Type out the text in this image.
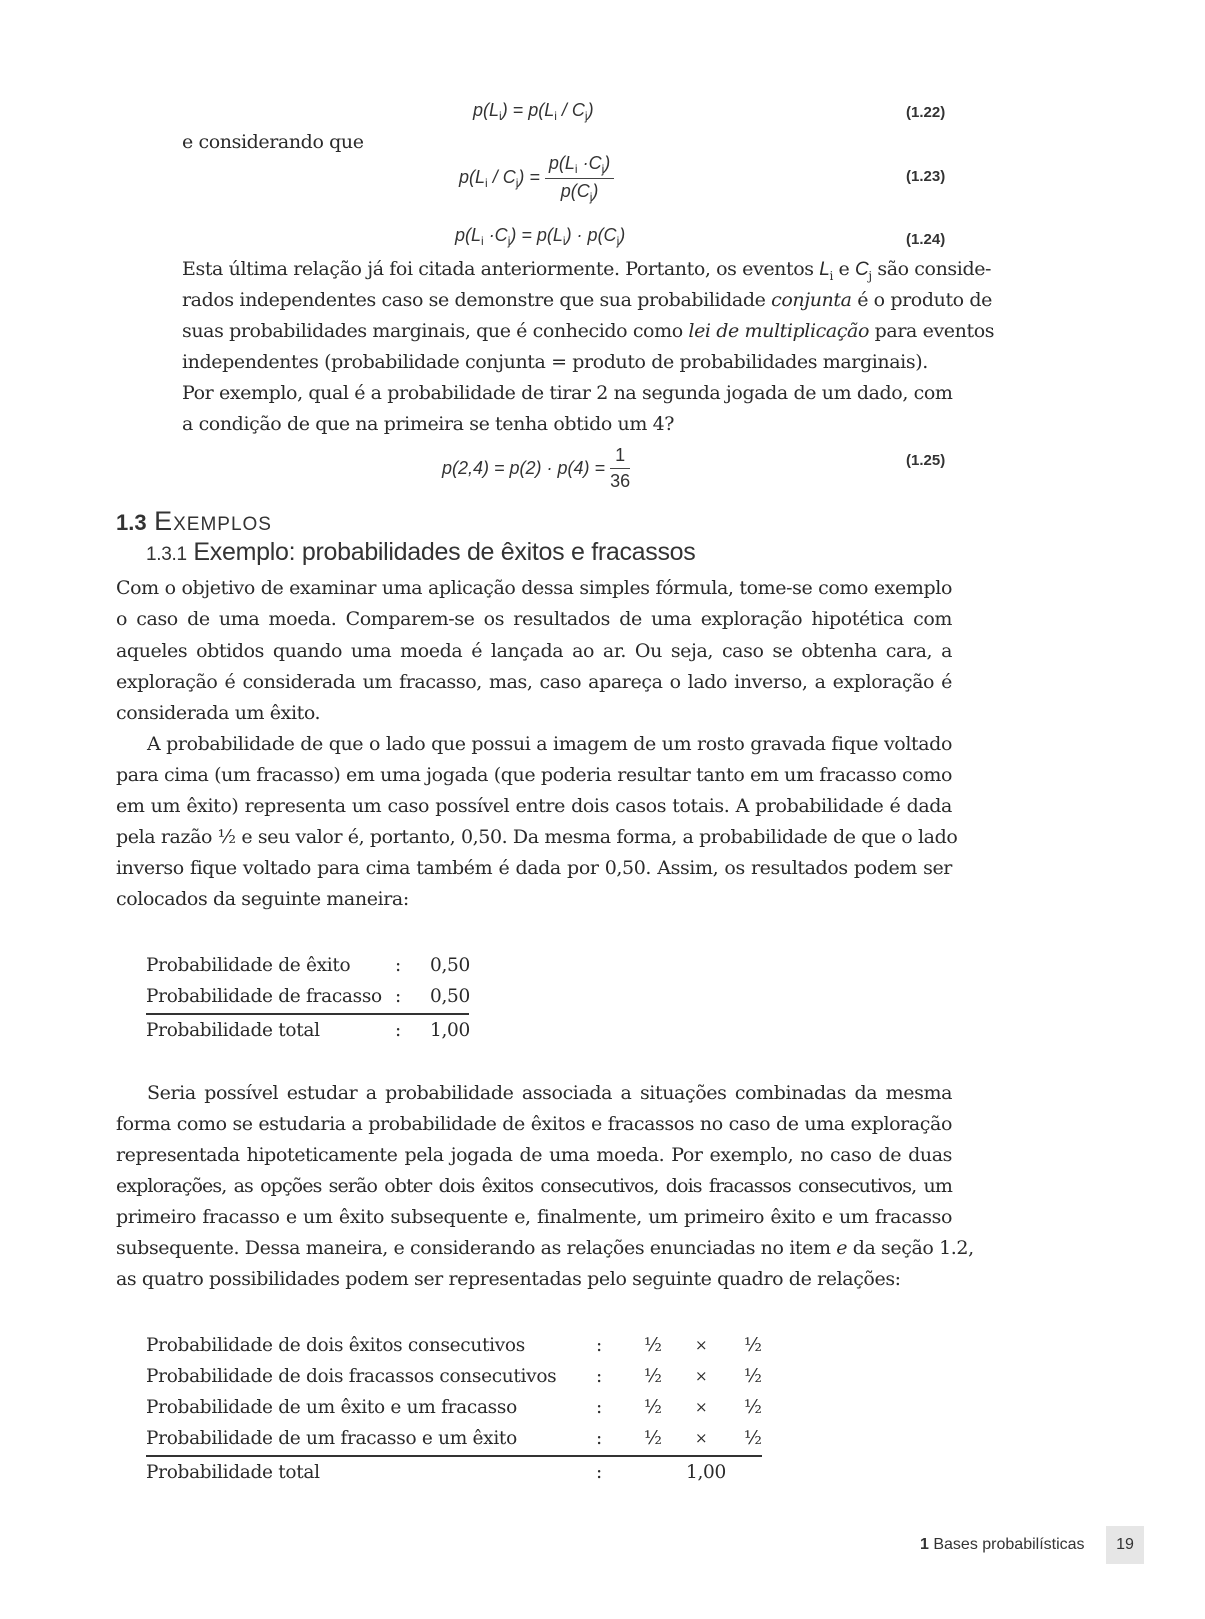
$p(L_i) = p(L_i / C_j)$	(1.22)
e considerando que
$p(L_i / C_j) = \frac{p(L_i \cdot C_j)}{p(C_j)}$	(1.23)
$p(L_i \cdot C_j) = p(L_i) \cdot p(C_j)$	(1.24)
Esta última relação já foi citada anteriormente. Portanto, os eventos $L_i$ e $C_j$ são conside-
rados independentes caso se demonstre que sua probabilidade conjunta é o produto de
suas probabilidades marginais, que é conhecido como lei de multiplicação para eventos
independentes (probabilidade conjunta = produto de probabilidades marginais).
Por exemplo, qual é a probabilidade de tirar 2 na segunda jogada de um dado, com
a condição de que na primeira se tenha obtido um 4?
$p(2,4) = p(2) \cdot p(4) = \frac{1}{36}$	(1.25)
1.3 Exemplos
1.3.1 Exemplo: probabilidades de êxitos e fracassos
Com o objetivo de examinar uma aplicação dessa simples fórmula, tome-se como exemplo
o caso de uma moeda. Comparem-se os resultados de uma exploração hipotética com
aqueles obtidos quando uma moeda é lançada ao ar. Ou seja, caso se obtenha cara, a
exploração é considerada um fracasso, mas, caso apareça o lado inverso, a exploração é
considerada um êxito.
A probabilidade de que o lado que possui a imagem de um rosto gravada fique voltado
para cima (um fracasso) em uma jogada (que poderia resultar tanto em um fracasso como
em um êxito) representa um caso possível entre dois casos totais. A probabilidade é dada
pela razão ½ e seu valor é, portanto, 0,50. Da mesma forma, a probabilidade de que o lado
inverso fique voltado para cima também é dada por 0,50. Assim, os resultados podem ser
colocados da seguinte maneira:
Probabilidade de êxito : 0,50
Probabilidade de fracasso : 0,50
Probabilidade total	: 1,00
Seria possível estudar a probabilidade associada a situações combinadas da mesma
forma como se estudaria a probabilidade de êxitos e fracassos no caso de uma exploração
representada hipoteticamente pela jogada de uma moeda. Por exemplo, no caso de duas
explorações, as opções serão obter dois êxitos consecutivos, dois fracassos consecutivos, um
primeiro fracasso e um êxito subsequente e, finalmente, um primeiro êxito e um fracasso
subsequente. Dessa maneira, e considerando as relações enunciadas no item e da seção 1.2,
as quatro possibilidades podem ser representadas pelo seguinte quadro de relações:
Probabilidade de dois êxitos consecutivos	: ½ × ½
Probabilidade de dois fracassos consecutivos : ½ × ½
Probabilidade de um êxito e um fracasso	: ½ × ½
Probabilidade de um fracasso e um êxito	: ½ × ½
Probabilidade total	:	1,00
1 Bases probabilísticas	19
